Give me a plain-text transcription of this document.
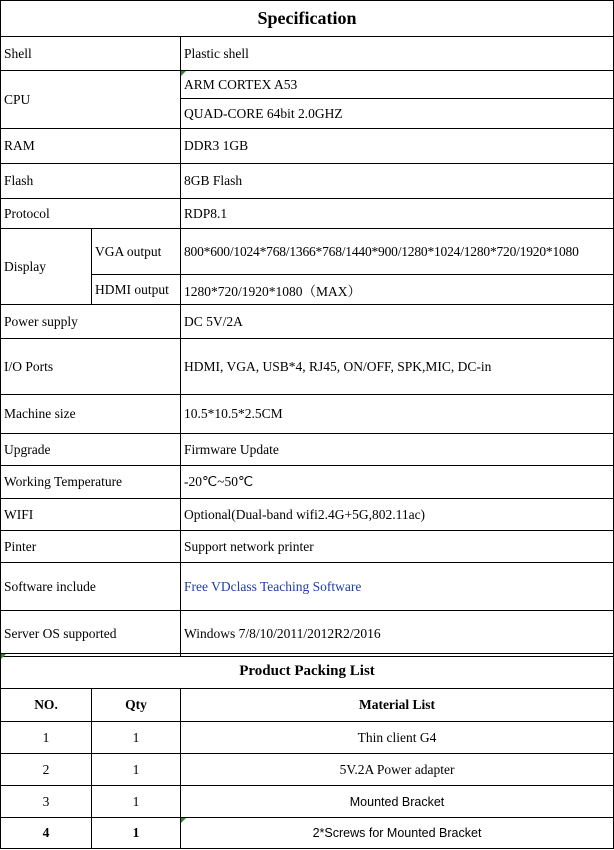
Specification		
Shell		Plastic shell
CPU		ARM CORTEX A53
		QUAD-CORE 64bit 2.0GHZ
RAM		DDR3 1GB
Flash		8GB Flash
Protocol		RDP8.1
Display	VGA output	800*600/1024*768/1366*768/1440*900/1280*1024/1280*720/1920*1080
	HDMI output	1280*720/1920*1080（MAX）
Power supply		DC 5V/2A
I/O Ports		HDMI, VGA, USB*4, RJ45, ON/OFF, SPK,MIC, DC-in
Machine size		10.5*10.5*2.5CM
Upgrade		Firmware Update
Working Temperature		-20℃~50℃
WIFI		Optional(Dual-band wifi2.4G+5G,802.11ac)
Pinter		Support network printer
Software include		Free VDclass Teaching Software
Server OS supported		Windows 7/8/10/2011/2012R2/2016
Product Packing List		
NO.	Qty	Material List
1	1	Thin client G4
2	1	5V.2A Power adapter
3	1	Mounted Bracket
4	1	2*Screws for Mounted Bracket
